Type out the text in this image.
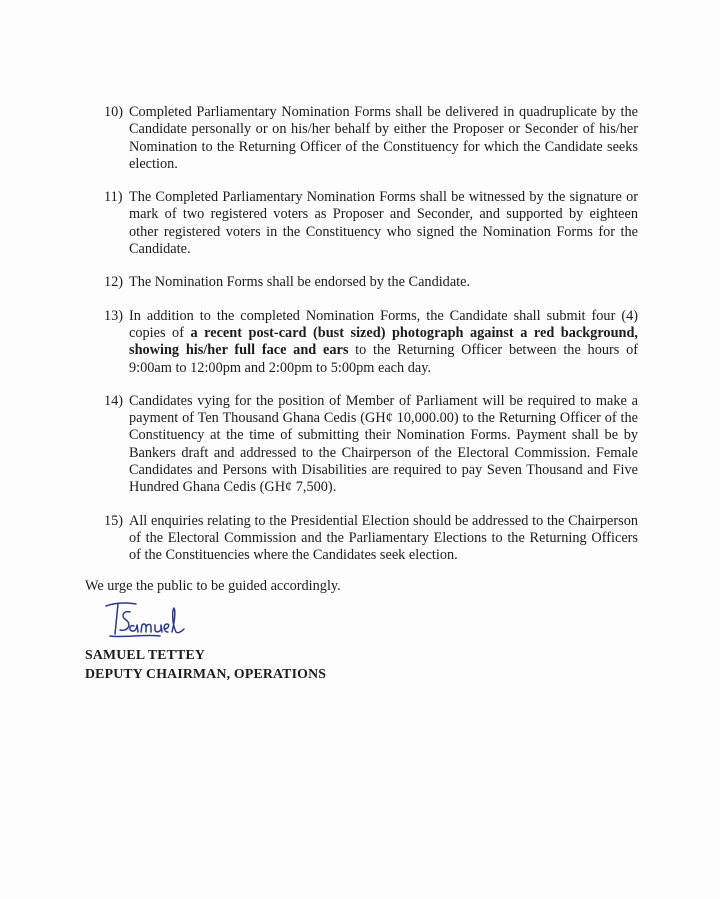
10) Completed Parliamentary Nomination Forms shall be delivered in quadruplicate by the Candidate personally or on his/her behalf by either the Proposer or Seconder of his/her Nomination to the Returning Officer of the Constituency for which the Candidate seeks election.
11) The Completed Parliamentary Nomination Forms shall be witnessed by the signature or mark of two registered voters as Proposer and Seconder, and supported by eighteen other registered voters in the Constituency who signed the Nomination Forms for the Candidate.
12) The Nomination Forms shall be endorsed by the Candidate.
13) In addition to the completed Nomination Forms, the Candidate shall submit four (4) copies of a recent post-card (bust sized) photograph against a red background, showing his/her full face and ears to the Returning Officer between the hours of 9:00am to 12:00pm and 2:00pm to 5:00pm each day.
14) Candidates vying for the position of Member of Parliament will be required to make a payment of Ten Thousand Ghana Cedis (GH¢ 10,000.00) to the Returning Officer of the Constituency at the time of submitting their Nomination Forms. Payment shall be by Bankers draft and addressed to the Chairperson of the Electoral Commission. Female Candidates and Persons with Disabilities are required to pay Seven Thousand and Five Hundred Ghana Cedis (GH¢ 7,500).
15) All enquiries relating to the Presidential Election should be addressed to the Chairperson of the Electoral Commission and the Parliamentary Elections to the Returning Officers of the Constituencies where the Candidates seek election.
We urge the public to be guided accordingly.
SAMUEL TETTEY
DEPUTY CHAIRMAN, OPERATIONS
